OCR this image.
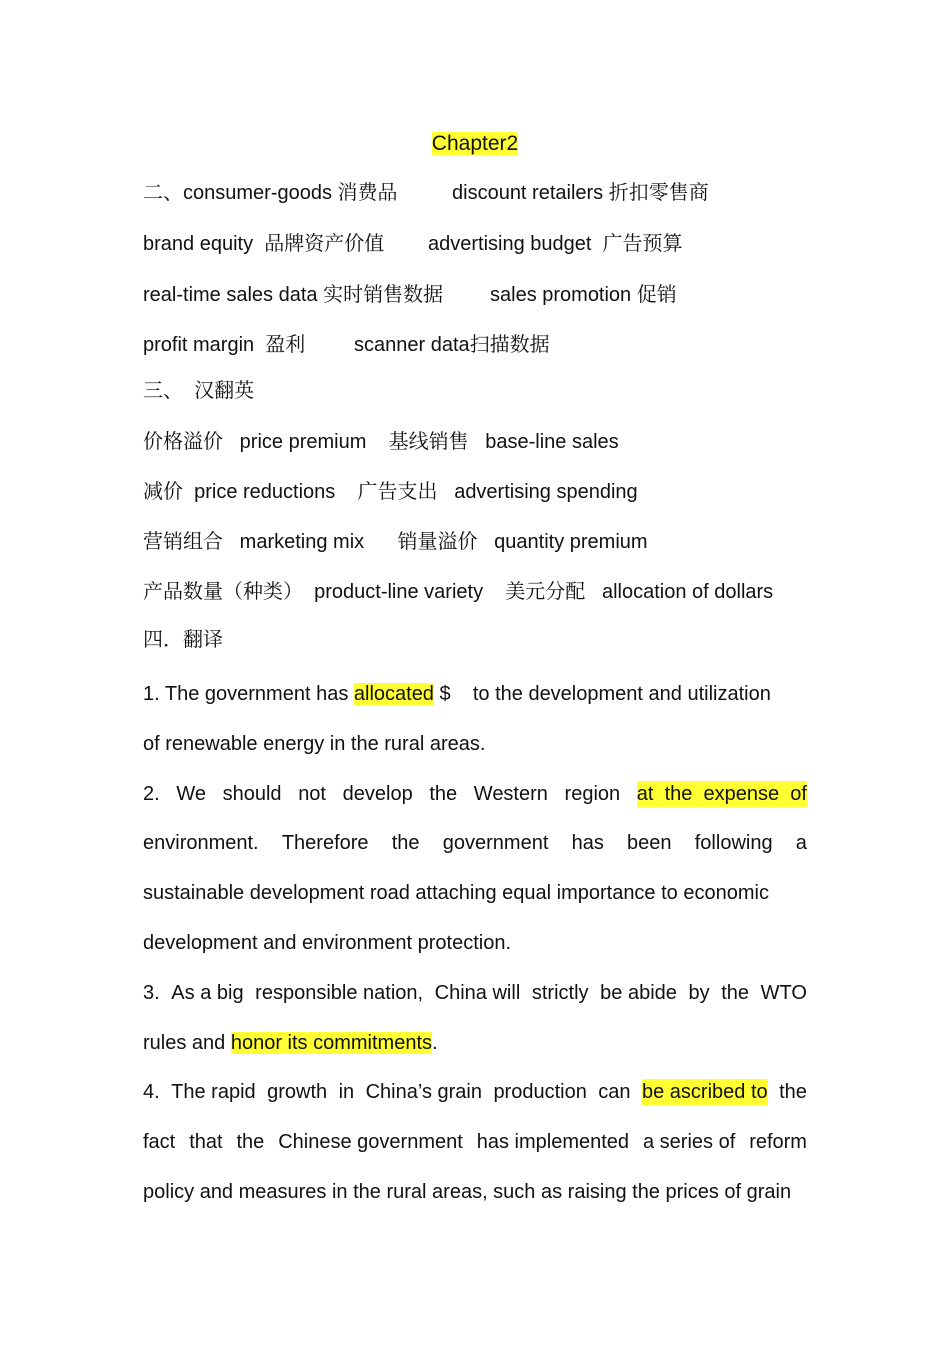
Chapter2
二、consumer-goods 消费品	discount retailers 折扣零售商
brand equity  品牌资产价值 advertising budget  广告预算
real-time sales data 实时销售数据 sales promotion 促销
profit margin  盈利 scanner data扫描数据
三、  汉翻英
价格溢价   price premium    基线销售   base-line sales
减价  price reductions    广告支出   advertising spending
营销组合   marketing mix      销量溢价   quantity premium
产品数量（种类）  product-line variety    美元分配   allocation of dollars
四．翻译
1. The government has allocated $    to the development and utilization
of renewable energy in the rural areas.
2. We should not develop the Western region at  the  expense  of
environment. Therefore the government has been following a
sustainable development road attaching equal importance to economic
development and environment protection.
3. As a big responsible nation, China will strictly be abide by the WTO
rules and honor its commitments.
4. The rapid growth in China’s grain production can be ascribed to the
fact that the Chinese government has implemented a series of reform
policy and measures in the rural areas, such as raising the prices of grain
